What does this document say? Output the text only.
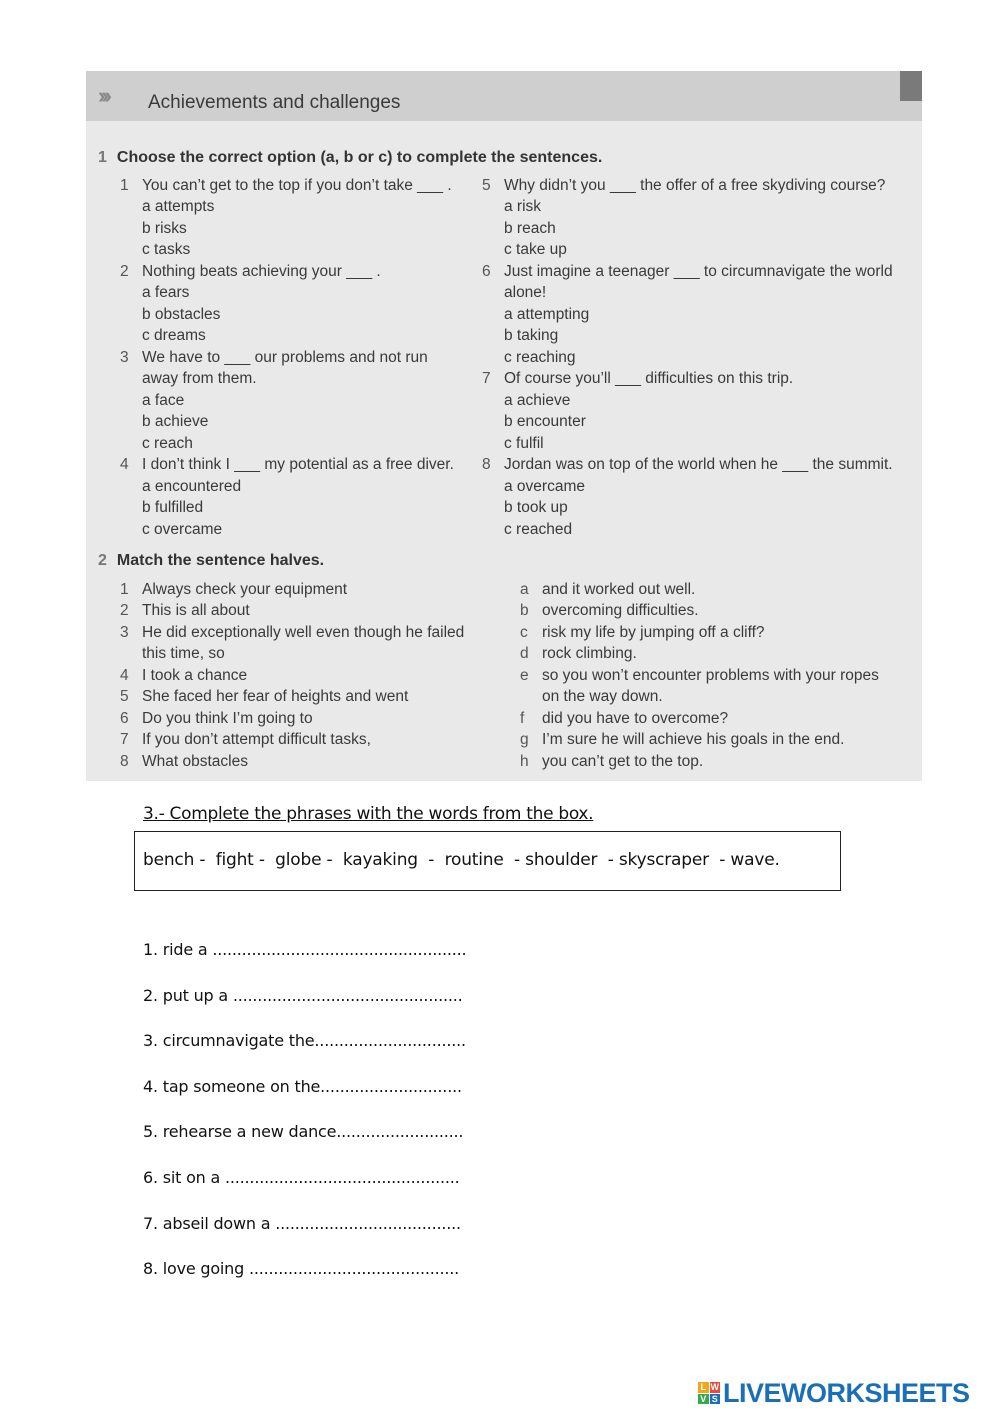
››› Achievements and challenges
1 Choose the correct option (a, b or c) to complete the sentences.
1 You can’t get to the top if you don’t take ___ .
a attempts
b risks
c tasks
2 Nothing beats achieving your ___ .
a fears
b obstacles
c dreams
3 We have to ___ our problems and not run
away from them.
a face
b achieve
c reach
4 I don’t think I ___ my potential as a free diver.
a encountered
b fulfilled
c overcame
5 Why didn’t you ___ the offer of a free skydiving course?
a risk
b reach
c take up
6 Just imagine a teenager ___ to circumnavigate the world
alone!
a attempting
b taking
c reaching
7 Of course you’ll ___ difficulties on this trip.
a achieve
b encounter
c fulfil
8 Jordan was on top of the world when he ___ the summit.
a overcame
b took up
c reached
2 Match the sentence halves.
1 Always check your equipment
2 This is all about
3 He did exceptionally well even though he failed
this time, so
4 I took a chance
5 She faced her fear of heights and went
6 Do you think I’m going to
7 If you don’t attempt difficult tasks,
8 What obstacles
a and it worked out well.
b overcoming difficulties.
c risk my life by jumping off a cliff?
d rock climbing.
e so you won’t encounter problems with your ropes
on the way down.
f did you have to overcome?
g I’m sure he will achieve his goals in the end.
h you can’t get to the top.
3.- Complete the phrases with the words from the box.
bench -  fight -  globe -  kayaking  -  routine  - shoulder  - skyscraper  - wave.
1. ride a ....................................................
2. put up a ...............................................
3. circumnavigate the...............................
4. tap someone on the.............................
5. rehearse a new dance..........................
6. sit on a ................................................
7. abseil down a ......................................
8. love going ...........................................
L W
V S LIVEWORKSHEETS
